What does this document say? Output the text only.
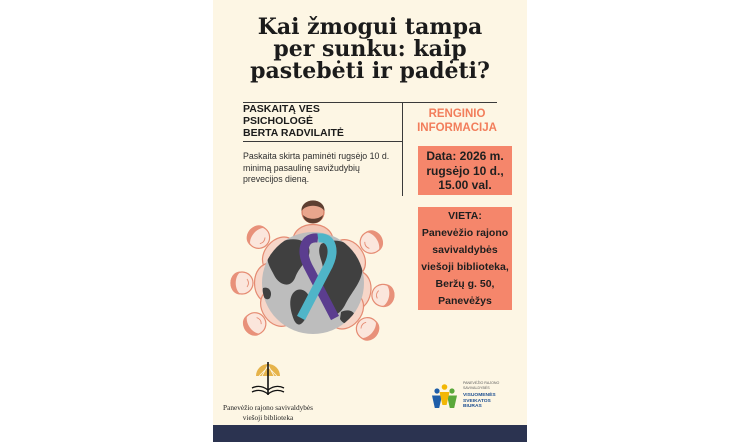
Kai žmogui tampa
per sunku: kaip
pastebėti ir padėti?
PASKAITĄ VES
PSICHOLOGĖ
BERTA RADVILAITĖ
RENGINIO
INFORMACIJA
Paskaita skirta paminėti rugsėjo 10 d.
minimą pasaulinę savižudybių
prevecijos dieną.
Data: 2026 m.
rugsėjo 10 d.,
15.00 val.
VIETA:
Panevėžio rajono
savivaldybės
viešoji biblioteka,
Beržų g. 50,
Panevėžys
Panevėžio rajono savivaldybės
viešoji biblioteka
PANEVĖŽIO RAJONO
SAVIVALDYBĖS
VISUOMENĖS
SVEIKATOS
BIURAS
